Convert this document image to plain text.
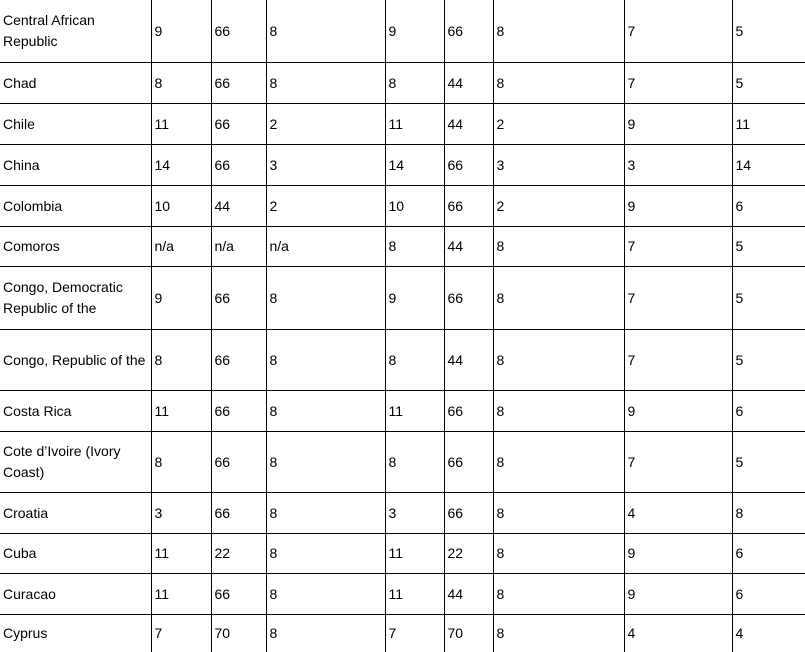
Central African Republic	9	66	8	9	66	8	7	5
Chad	8	66	8	8	44	8	7	5
Chile	11	66	2	11	44	2	9	11
China	14	66	3	14	66	3	3	14
Colombia	10	44	2	10	66	2	9	6
Comoros	n/a	n/a	n/a	8	44	8	7	5
Congo, Democratic Republic of the	9	66	8	9	66	8	7	5
Congo, Republic of the	8	66	8	8	44	8	7	5
Costa Rica	11	66	8	11	66	8	9	6
Cote d’Ivoire (Ivory Coast)	8	66	8	8	66	8	7	5
Croatia	3	66	8	3	66	8	4	8
Cuba	11	22	8	11	22	8	9	6
Curacao	11	66	8	11	44	8	9	6
Cyprus	7	70	8	7	70	8	4	4
